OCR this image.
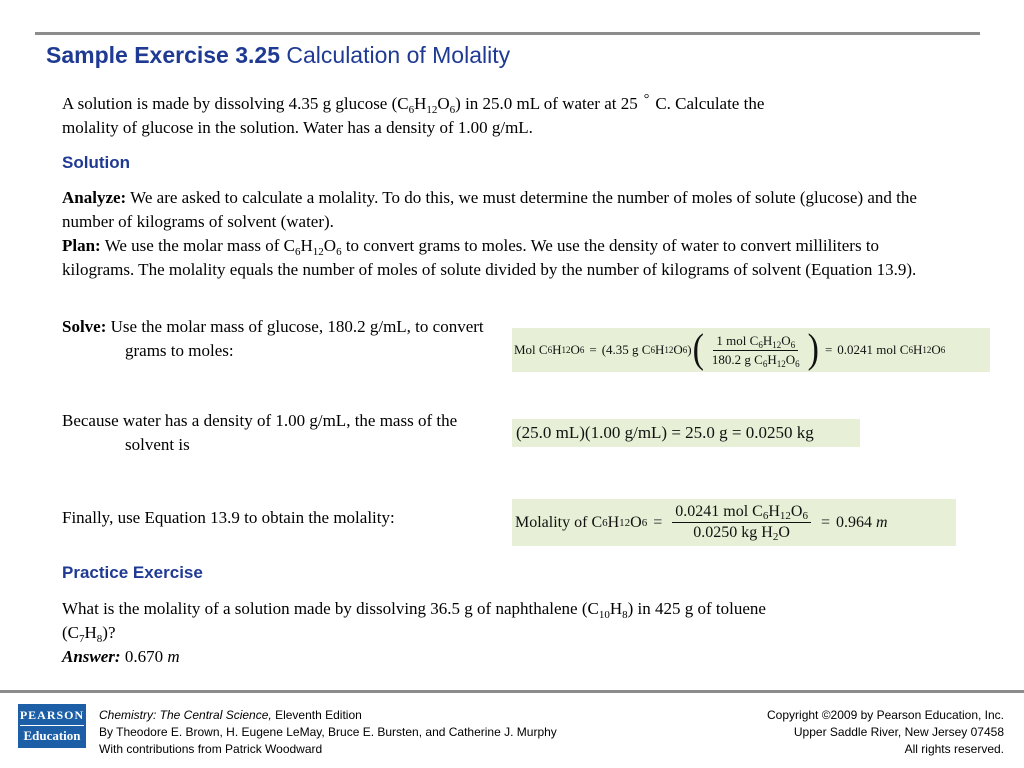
Sample Exercise 3.25 Calculation of Molality
A solution is made by dissolving 4.35 g glucose $(C_6H_{12}O_6)$ in 25.0 mL of water at 25 ° C. Calculate the
molality of glucose in the solution. Water has a density of 1.00 g/mL.
Solution
Analyze: We are asked to calculate a molality. To do this, we must determine the number of moles of solute (glucose) and the number of kilograms of solvent (water).
Plan: We use the molar mass of $C_6H_{12}O_6$ to convert grams to moles. We use the density of water to convert milliliters to kilograms. The molality equals the number of moles of solute divided by the number of kilograms of solvent (Equation 13.9).
Solve: Use the molar mass of glucose, 180.2 g/mL, to convert grams to moles:
Because water has a density of 1.00 g/mL, the mass of the solvent is
Finally, use Equation 13.9 to obtain the molality:
Mol C 6 H 12 O 6 = (4.35 g C 6 H 12 O 6 ) ( $\frac{1 mol C_6H_{12}O_6}{180.2 g C_6H_{12}O_6}$ ) = 0.0241 mol C 6 H 12 O 6
(25.0 mL)(1.00 g/mL) = 25.0 g = 0.0250 kg
Molality of C 6 H 12 O $6 = \frac{\text{0.0241 mol C6H12O6}}{\text{0.0250 kg H2O}} = 0.964$
m
Practice Exercise
What is the molality of a solution made by dissolving 36.5 g of naphthalene $(C_{10}H_8)$ in 425 g of toluene
$(C_7H_8)$?
Answer: 0.670 m
PEARSON
Education
Chemistry: The Central Science, Eleventh Edition
By Theodore E. Brown, H. Eugene LeMay, Bruce E. Bursten, and Catherine J. Murphy
With contributions from Patrick Woodward
Copyright ©2009 by Pearson Education, Inc.
Upper Saddle River, New Jersey 07458
All rights reserved.
